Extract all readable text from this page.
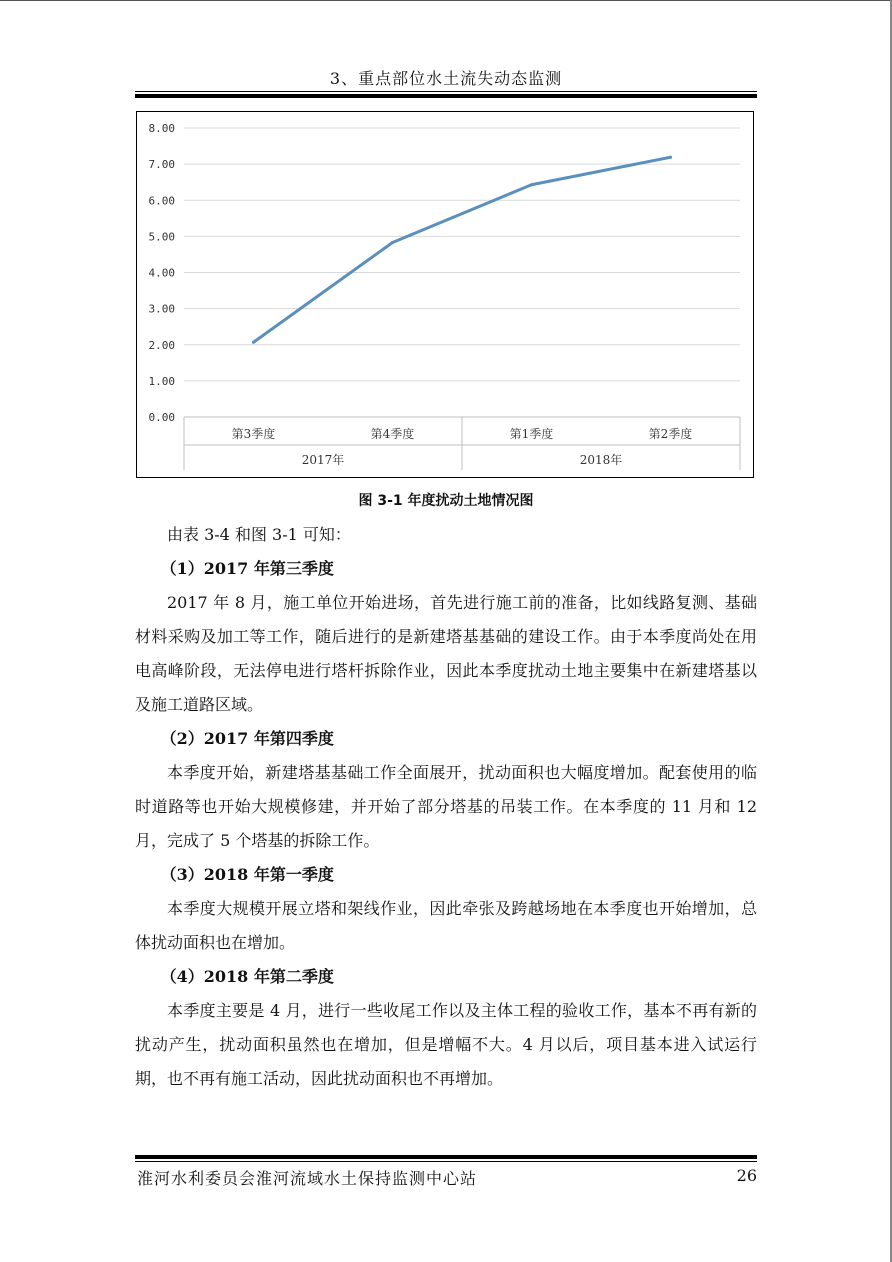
3、重点部位水土流失动态监测
0.00
1.00
2.00
3.00
4.00
5.00
6.00
7.00
8.00
第3季度	第4季度	第1季度	第2季度
2017年	2018年
图 3-1 年度扰动土地情况图

由表 3-4 和图 3-1 可知：

（1）2017 年第三季度

2017 年 8 月，施工单位开始进场，首先进行施工前的准备，比如线路复测、基础材料采购及加工等工作，随后进行的是新建塔基基础的建设工作。由于本季度尚处在用电高峰阶段，无法停电进行塔杆拆除作业，因此本季度扰动土地主要集中在新建塔基以及施工道路区域。

（2）2017 年第四季度

本季度开始，新建塔基基础工作全面展开，扰动面积也大幅度增加。配套使用的临时道路等也开始大规模修建，并开始了部分塔基的吊装工作。在本季度的 11 月和 12 月，完成了 5 个塔基的拆除工作。

（3）2018 年第一季度

本季度大规模开展立塔和架线作业，因此牵张及跨越场地在本季度也开始增加，总体扰动面积也在增加。

（4）2018 年第二季度

本季度主要是 4 月，进行一些收尾工作以及主体工程的验收工作，基本不再有新的扰动产生，扰动面积虽然也在增加，但是增幅不大。4 月以后，项目基本进入试运行期，也不再有施工活动，因此扰动面积也不再增加。

淮河水利委员会淮河流域水土保持监测中心站	26
